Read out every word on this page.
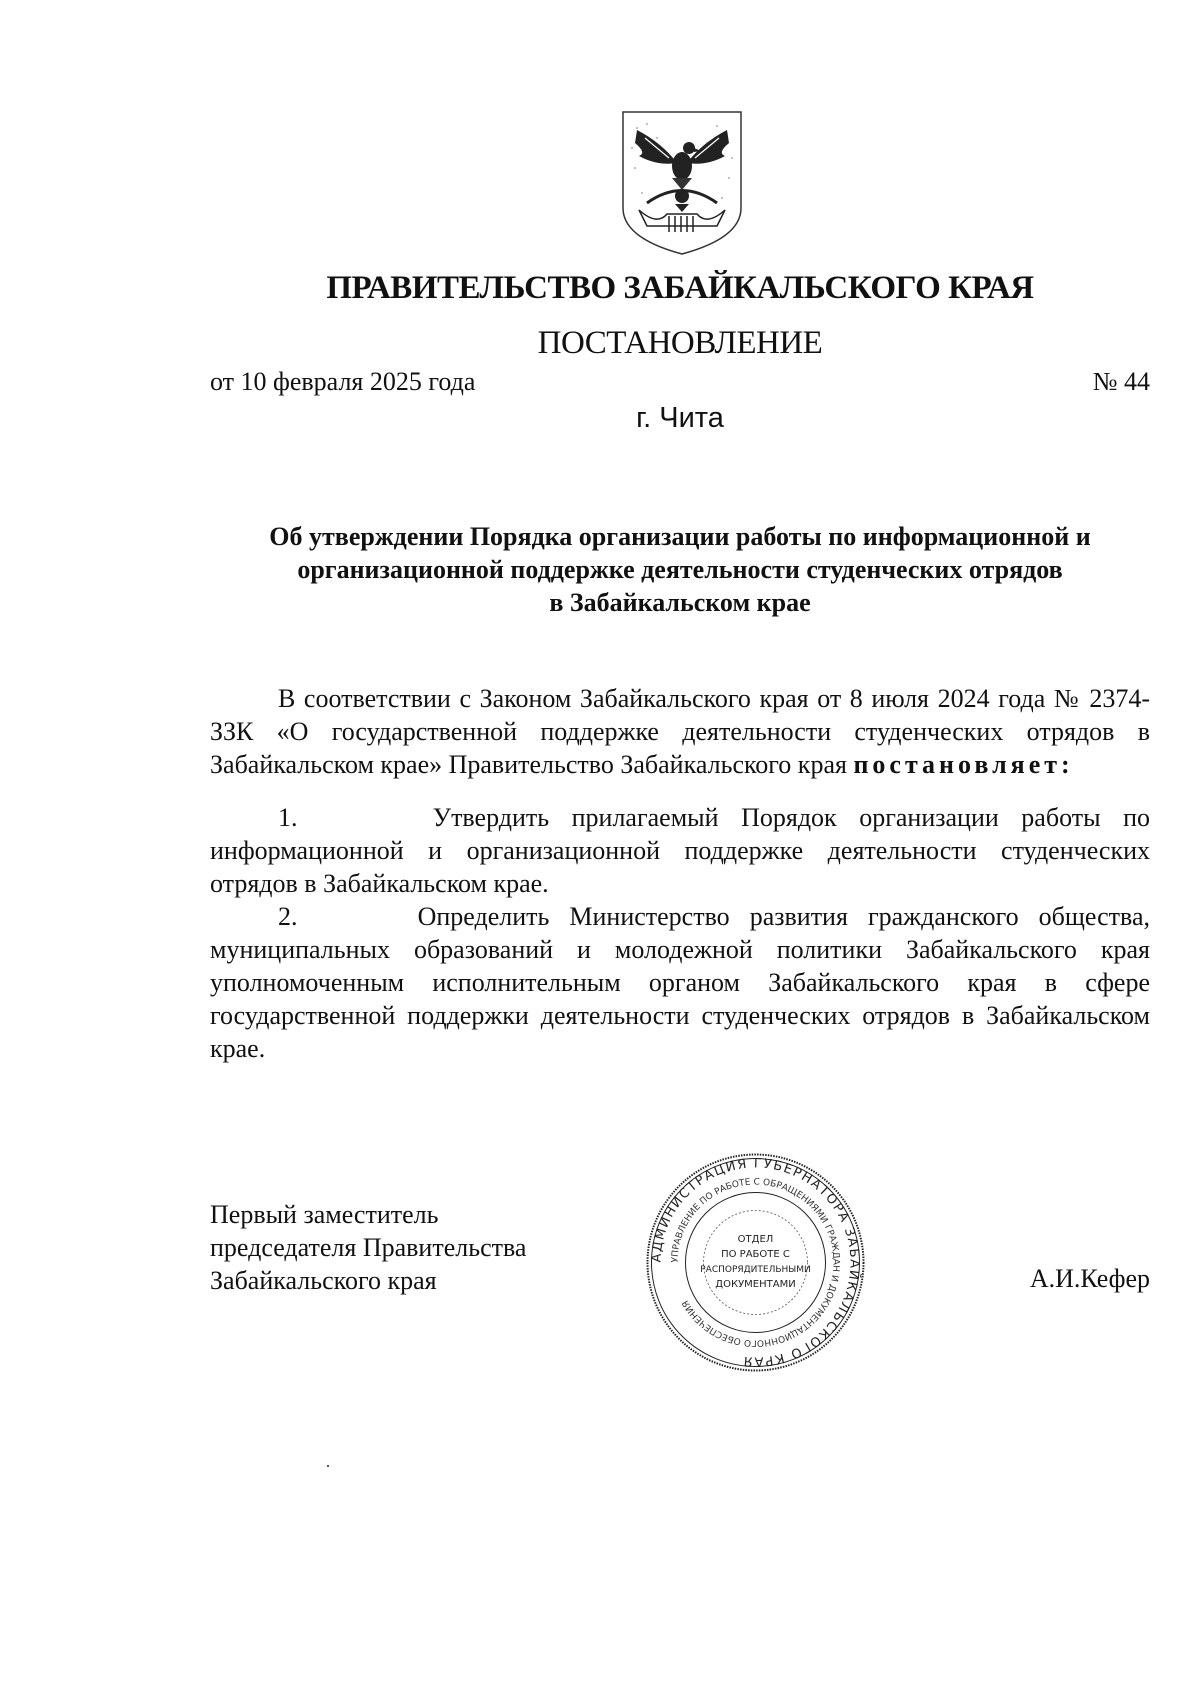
ПРАВИТЕЛЬСТВО ЗАБАЙКАЛЬСКОГО КРАЯ
ПОСТАНОВЛЕНИЕ
от 10 февраля 2025 года	№ 44
г. Чита
Об утверждении Порядка организации работы по информационной и
организационной поддержке деятельности студенческих отрядов
в Забайкальском крае

В соответствии с Законом Забайкальского края от 8 июля 2024 года № 2374-ЗЗК «О государственной поддержке деятельности студенческих отрядов в Забайкальском крае» Правительство Забайкальского края постановляет:

1.	Утвердить прилагаемый Порядок организации работы по информационной и организационной поддержке деятельности студенческих отрядов в Забайкальском крае.

2.	Определить Министерство развития гражданского общества, муниципальных образований и молодежной политики Забайкальского края уполномоченным исполнительным органом Забайкальского края в сфере государственной поддержки деятельности студенческих отрядов в Забайкальском крае.

Первый заместитель
председателя Правительства
Забайкальского края
АДМИНИСТРАЦИЯ ГУБЕРНАТОРА ЗАБАЙКАЛЬСКОГО КРАЯ
УПРАВЛЕНИЕ ПО РАБОТЕ С ОБРАЩЕНИЯМИ ГРАЖДАН И ДОКУМЕНТАЦИОННОГО ОБЕСПЕЧЕНИЯ
ОТДЕЛ
ПО РАБОТЕ С
РАСПОРЯДИТЕЛЬНЫМИ
ДОКУМЕНТАМИ	А.И.Кефер
